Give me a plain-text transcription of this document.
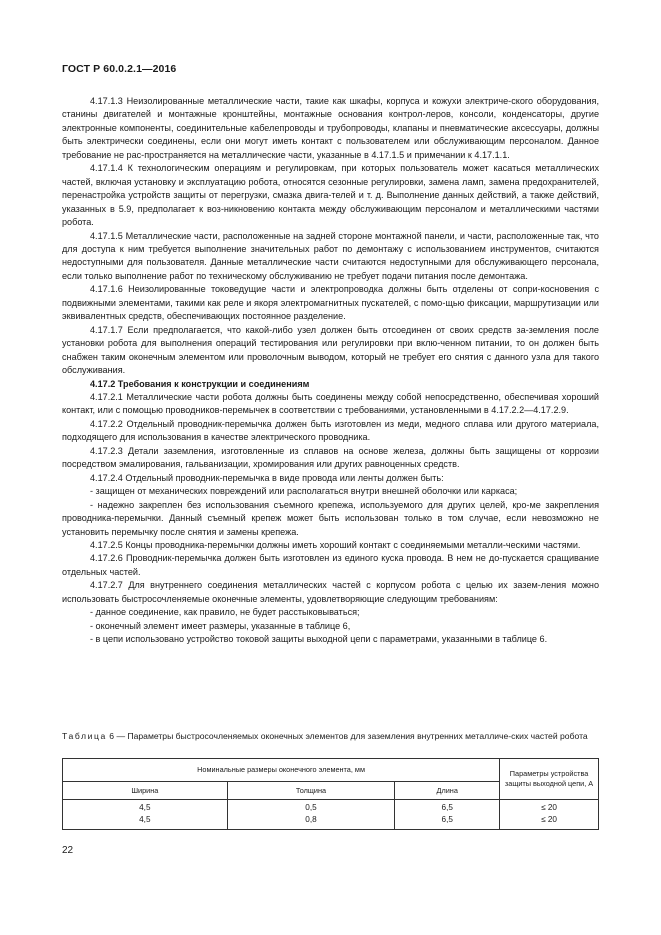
ГОСТ Р 60.0.2.1—2016

4.17.1.3 Неизолированные металлические части, такие как шкафы, корпуса и кожухи электриче-ского оборудования, станины двигателей и монтажные кронштейны, монтажные основания контрол-леров, консоли, конденсаторы, другие электронные компоненты, соединительные кабелепроводы и трубопроводы, клапаны и пневматические аксессуары, должны быть электрически соединены, если они могут иметь контакт с пользователем или обслуживающим персоналом. Данное требование не рас-пространяется на металлические части, указанные в 4.17.1.5 и примечании к 4.17.1.1.

4.17.1.4 К технологическим операциям и регулировкам, при которых пользователь может касаться металлических частей, включая установку и эксплуатацию робота, относятся сезонные регулировки, замена ламп, замена предохранителей, перенастройка устройств защиты от перегрузки, смазка двига-телей и т. д. Выполнение данных действий, а также действий, указанных в 5.9, предполагает к воз-никновению контакта между обслуживающим персоналом и металлическими частями робота.

4.17.1.5 Металлические части, расположенные на задней стороне монтажной панели, и части, расположенные так, что для доступа к ним требуется выполнение значительных работ по демонтажу с использованием инструментов, считаются недоступными для пользователя. Данные металлические части считаются недоступными для обслуживающего персонала, если только выполнение работ по техническому обслуживанию не требует подачи питания после демонтажа.

4.17.1.6 Неизолированные токоведущие части и электропроводка должны быть отделены от сопри-косновения с подвижными элементами, такими как реле и якоря электромагнитных пускателей, с помо-щью фиксации, маршрутизации или эквивалентных средств, обеспечивающих постоянное разделение.

4.17.1.7 Если предполагается, что какой-либо узел должен быть отсоединен от своих средств за-земления после установки робота для выполнения операций тестирования или регулировки при вклю-ченном питании, то он должен быть снабжен таким оконечным элементом или проволочным выводом, который не требует его снятия с данного узла для такого обслуживания.

4.17.2 Требования к конструкции и соединениям

4.17.2.1 Металлические части робота должны быть соединены между собой непосредственно, обеспечивая хороший контакт, или с помощью проводников-перемычек в соответствии с требованиями, установленными в 4.17.2.2—4.17.2.9.

4.17.2.2 Отдельный проводник-перемычка должен быть изготовлен из меди, медного сплава или другого материала, подходящего для использования в качестве электрического проводника.

4.17.2.3 Детали заземления, изготовленные из сплавов на основе железа, должны быть защищены от коррозии посредством эмалирования, гальванизации, хромирования или других равноценных средств.

4.17.2.4 Отдельный проводник-перемычка в виде провода или ленты должен быть:

- защищен от механических повреждений или располагаться внутри внешней оболочки или каркаса;

- надежно закреплен без использования съемного крепежа, используемого для других целей, кро-ме закрепления проводника-перемычки. Данный съемный крепеж может быть использован только в том случае, если невозможно не установить перемычку после снятия и замены крепежа.

4.17.2.5 Концы проводника-перемычки должны иметь хороший контакт с соединяемыми металли-ческими частями.

4.17.2.6 Проводник-перемычка должен быть изготовлен из единого куска провода. В нем не до-пускается сращивание отдельных частей.

4.17.2.7 Для внутреннего соединения металлических частей с корпусом робота с целью их зазем-ления можно использовать быстросочленяемые оконечные элементы, удовлетворяющие следующим требованиям:

- данное соединение, как правило, не будет расстыковываться;

- оконечный элемент имеет размеры, указанные в таблице 6,

- в цепи использовано устройство токовой защиты выходной цепи с параметрами, указанными в таблице 6.

Таблица 6 — Параметры быстросочленяемых оконечных элементов для заземления внутренних металличе-ских частей робота
Номинальные размеры оконечного элемента, мм			Параметры устройства защиты выходной цепи, А
Ширина	Толщина	Длина	
4,5	0,5	6,5	≤ 20
4,5	0,8	6,5	≤ 20
22
